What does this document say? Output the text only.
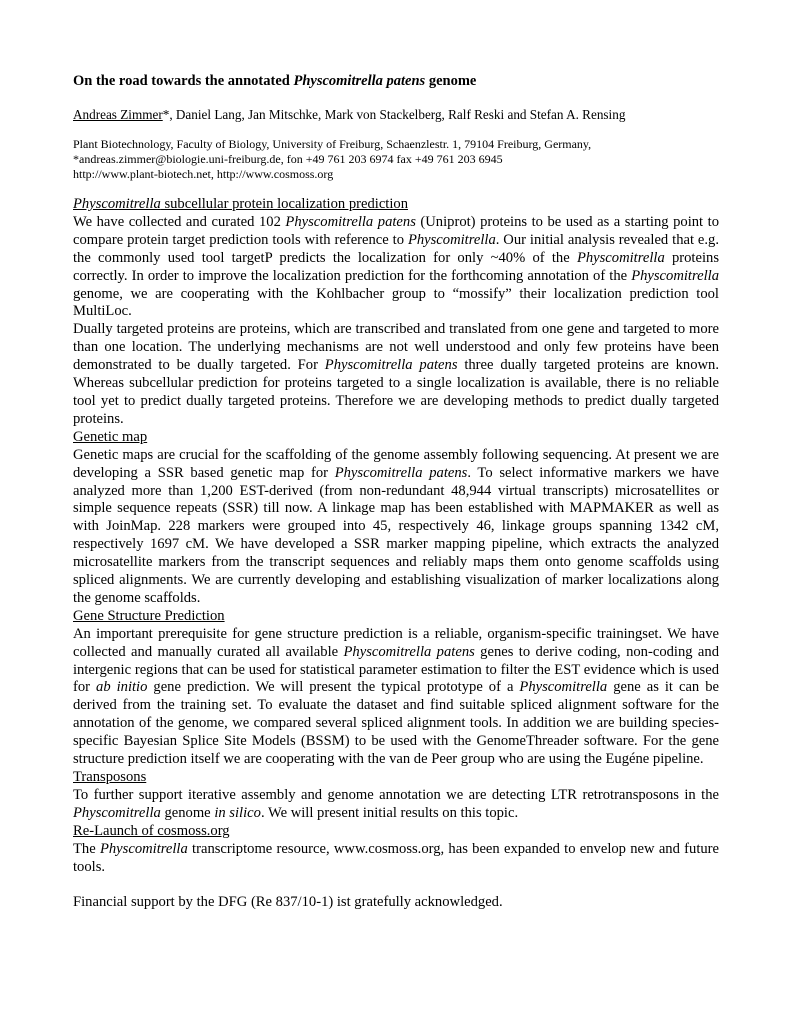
On the road towards the annotated Physcomitrella patens genome
Andreas Zimmer*, Daniel Lang, Jan Mitschke, Mark von Stackelberg, Ralf Reski and Stefan A. Rensing
Plant Biotechnology, Faculty of Biology, University of Freiburg, Schaenzlestr. 1, 79104 Freiburg, Germany,
*andreas.zimmer@biologie.uni-freiburg.de, fon +49 761 203 6974 fax +49 761 203 6945
http://www.plant-biotech.net, http://www.cosmoss.org
Physcomitrella subcellular protein localization prediction

We have collected and curated 102 Physcomitrella patens (Uniprot) proteins to be used as a starting point to compare protein target prediction tools with reference to Physcomitrella. Our initial analysis revealed that e.g. the commonly used tool targetP predicts the localization for only ~40% of the Physcomitrella proteins correctly. In order to improve the localization prediction for the forthcoming annotation of the Physcomitrella genome, we are cooperating with the Kohlbacher group to “mossify” their localization prediction tool MultiLoc.

Dually targeted proteins are proteins, which are transcribed and translated from one gene and targeted to more than one location. The underlying mechanisms are not well understood and only few proteins have been demonstrated to be dually targeted. For Physcomitrella patens three dually targeted proteins are known. Whereas subcellular prediction for proteins targeted to a single localization is available, there is no reliable tool yet to predict dually targeted proteins. Therefore we are developing methods to predict dually targeted proteins.

Genetic map

Genetic maps are crucial for the scaffolding of the genome assembly following sequencing. At present we are developing a SSR based genetic map for Physcomitrella patens. To select informative markers we have analyzed more than 1,200 EST-derived (from non-redundant 48,944 virtual transcripts) microsatellites or simple sequence repeats (SSR) till now. A linkage map has been established with MAPMAKER as well as with JoinMap. 228 markers were grouped into 45, respectively 46, linkage groups spanning 1342 cM, respectively 1697 cM. We have developed a SSR marker mapping pipeline, which extracts the analyzed microsatellite markers from the transcript sequences and reliably maps them onto genome scaffolds using spliced alignments. We are currently developing and establishing visualization of marker localizations along the genome scaffolds.

Gene Structure Prediction

An important prerequisite for gene structure prediction is a reliable, organism-specific trainingset. We have collected and manually curated all available Physcomitrella patens genes to derive coding, non-coding and intergenic regions that can be used for statistical parameter estimation to filter the EST evidence which is used for ab initio gene prediction. We will present the typical prototype of a Physcomitrella gene as it can be derived from the training set. To evaluate the dataset and find suitable spliced alignment software for the annotation of the genome, we compared several spliced alignment tools. In addition we are building species-specific Bayesian Splice Site Models (BSSM) to be used with the GenomeThreader software. For the gene structure prediction itself we are cooperating with the van de Peer group who are using the Eugéne pipeline.

Transposons

To further support iterative assembly and genome annotation we are detecting LTR retrotransposons in the Physcomitrella genome in silico. We will present initial results on this topic.

Re-Launch of cosmoss.org

The Physcomitrella transcriptome resource, www.cosmoss.org, has been expanded to envelop new and future tools.

Financial support by the DFG (Re 837/10-1) ist gratefully acknowledged.
